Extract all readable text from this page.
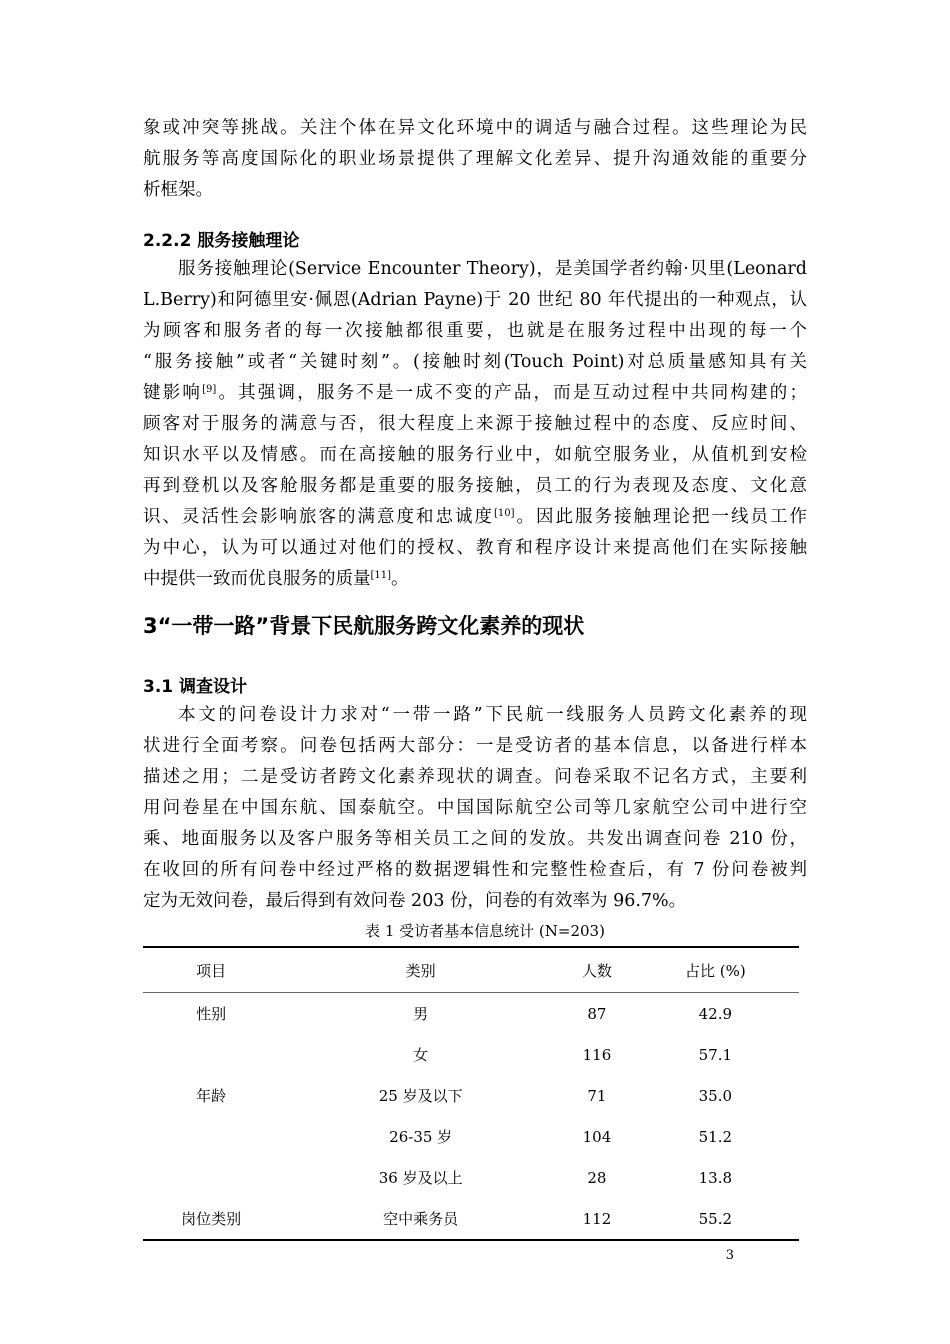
象或冲突等挑战。关注个体在异文化环境中的调适与融合过程。这些理论为民
航服务等高度国际化的职业场景提供了理解文化差异、提升沟通效能的重要分
析框架。
2.2.2 服务接触理论
服务接触理论(Service Encounter Theory)，是美国学者约翰·贝里(Leonard
L.Berry)和阿德里安·佩恩(Adrian Payne)于 20 世纪 80 年代提出的一种观点，认
为顾客和服务者的每一次接触都很重要，也就是在服务过程中出现的每一个
“服务接触”或者“关键时刻”。(接触时刻(Touch Point)对总质量感知具有关
键影响[9]。其强调，服务不是一成不变的产品，而是互动过程中共同构建的；
顾客对于服务的满意与否，很大程度上来源于接触过程中的态度、反应时间、
知识水平以及情感。而在高接触的服务行业中，如航空服务业，从值机到安检
再到登机以及客舱服务都是重要的服务接触，员工的行为表现及态度、文化意
识、灵活性会影响旅客的满意度和忠诚度[10]。因此服务接触理论把一线员工作
为中心，认为可以通过对他们的授权、教育和程序设计来提高他们在实际接触
中提供一致而优良服务的质量[11]。
3“一带一路”背景下民航服务跨文化素养的现状
3.1 调查设计
本文的问卷设计力求对“一带一路”下民航一线服务人员跨文化素养的现
状进行全面考察。问卷包括两大部分：一是受访者的基本信息，以备进行样本
描述之用；二是受访者跨文化素养现状的调查。问卷采取不记名方式，主要利
用问卷星在中国东航、国泰航空。中国国际航空公司等几家航空公司中进行空
乘、地面服务以及客户服务等相关员工之间的发放。共发出调查问卷 210 份，
在收回的所有问卷中经过严格的数据逻辑性和完整性检查后，有 7 份问卷被判
定为无效问卷，最后得到有效问卷 203 份，问卷的有效率为 96.7%。
表 1 受访者基本信息统计 (N=203)
项目	类别	人数	占比 (%)
性别	男	87	42.9
	女	116	57.1
年龄	25 岁及以下	71	35.0
	26-35 岁	104	51.2
	36 岁及以上	28	13.8
岗位类别	空中乘务员	112	55.2
3
